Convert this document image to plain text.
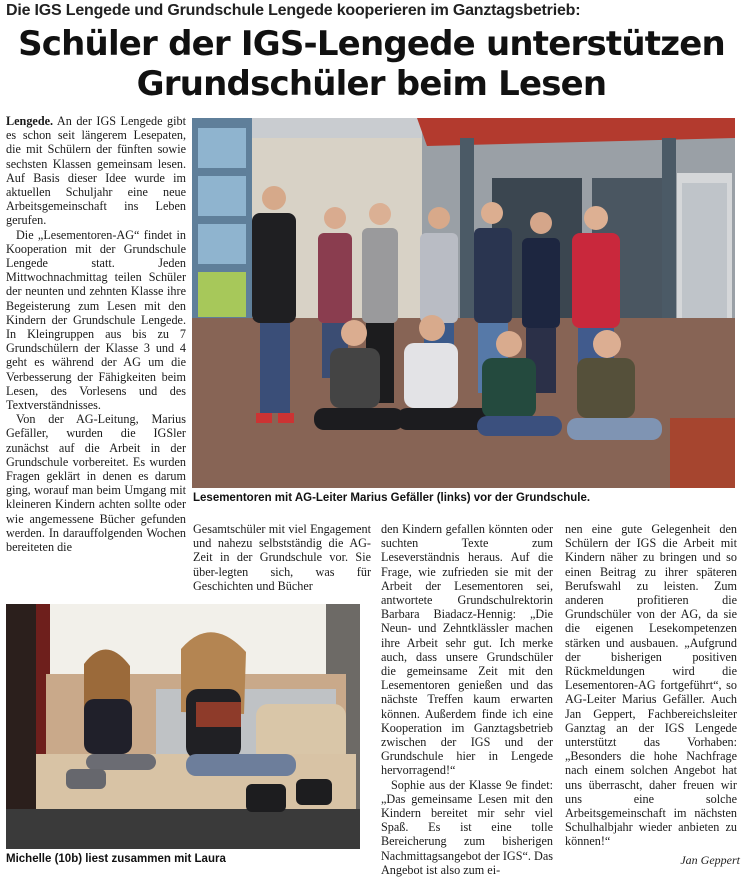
Die IGS Lengede und Grundschule Lengede kooperieren im Ganztagsbetrieb:
Schüler der IGS-Lengede unterstützen
Grundschüler beim Lesen

Lengede. An der IGS Lengede gibt es schon seit längerem Lesepaten, die mit Schülern der fünften sowie sechsten Klassen gemeinsam lesen. Auf Basis dieser Idee wurde im aktuellen Schuljahr eine neue Arbeitsgemeinschaft ins Leben gerufen.

Die „Lesementoren-AG“ findet in Kooperation mit der Grundschule Lengede statt. Jeden Mittwochnachmittag teilen Schüler der neunten und zehnten Klasse ihre Begeisterung zum Lesen mit den Kindern der Grundschule Lengede. In Kleingruppen aus bis zu 7 Grundschülern der Klasse 3 und 4 geht es während der AG um die Verbesserung der Fähigkeiten beim Lesen, des Vorlesens und des Textverständnisses.

Von der AG-Leitung, Marius Gefäller, wurden die IGSler zunächst auf die Arbeit in der Grundschule vorbereitet. Es wurden Fragen geklärt in denen es darum ging, worauf man beim Umgang mit kleineren Kindern achten sollte oder wie angemessene Bücher gefunden werden. In darauffolgenden Wochen bereiteten die

Lesementoren mit AG-Leiter Marius Gefäller (links) vor der Grundschule.

Gesamtschüler mit viel Engagement und nahezu selbstständig die AG-Zeit in der Grundschule vor. Sie über-legten sich, was für Geschichten und Bücher

den Kindern gefallen könnten oder suchten Texte zum Leseverständnis heraus. Auf die Frage, wie zufrieden sie mit der Arbeit der Lesementoren sei, antwortete Grundschulrektorin Barbara Biadacz-Hennig: „Die Neun- und Zehntklässler machen ihre Arbeit sehr gut. Ich merke auch, dass unsere Grundschüler die gemeinsame Zeit mit den Lesementoren genießen und das nächste Treffen kaum erwarten können. Außerdem finde ich eine Kooperation im Ganztagsbetrieb zwischen der IGS und der Grundschule hier in Lengede hervorragend!“

Sophie aus der Klasse 9e findet: „Das gemeinsame Lesen mit den Kindern bereitet mir sehr viel Spaß. Es ist eine tolle Bereicherung zum bisherigen Nachmittagsangebot der IGS“. Das Angebot ist also zum ei-

nen eine gute Gelegenheit den Schülern der IGS die Arbeit mit Kindern näher zu bringen und so einen Beitrag zu ihrer späteren Berufswahl zu leisten. Zum anderen profitieren die Grundschüler von der AG, da sie die eigenen Lesekompetenzen stärken und ausbauen. „Aufgrund der bisherigen positiven Rückmeldungen wird die Lesementoren-AG fortgeführt“, so AG-Leiter Marius Gefäller. Auch Jan Geppert, Fachbereichsleiter Ganztag an der IGS Lengede unterstützt das Vorhaben: „Besonders die hohe Nachfrage nach einem solchen Angebot hat uns überrascht, daher freuen wir uns eine solche Arbeitsgemeinschaft im nächsten Schulhalbjahr wieder anbieten zu können!“

Jan Geppert
Michelle (10b) liest zusammen mit Laura
